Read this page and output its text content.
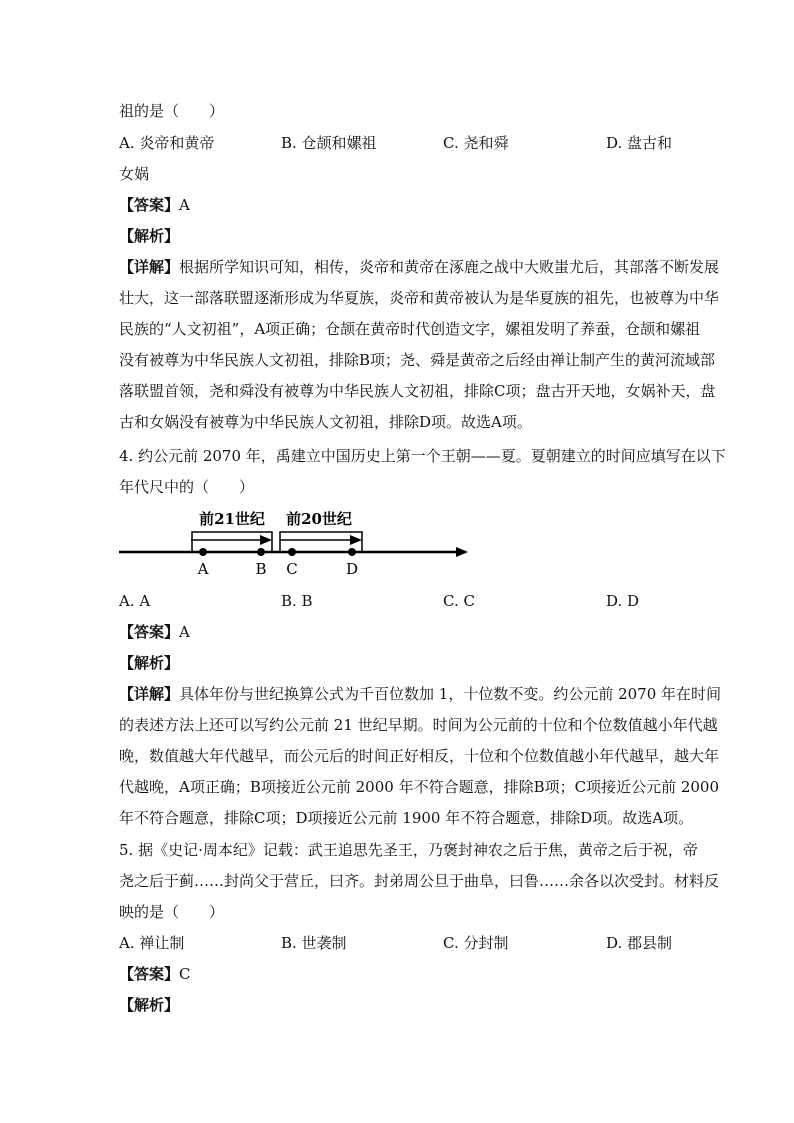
祖的是（　　）
A. 炎帝和黄帝	B. 仓颉和嫘祖	C. 尧和舜	D. 盘古和
女娲
【答案】A
【解析】
【详解】根据所学知识可知，相传，炎帝和黄帝在涿鹿之战中大败蚩尤后，其部落不断发展
壮大，这一部落联盟逐渐形成为华夏族，炎帝和黄帝被认为是华夏族的祖先，也被尊为中华
民族的“人文初祖”，A项正确；仓颉在黄帝时代创造文字，嫘祖发明了养蚕，仓颉和嫘祖
没有被尊为中华民族人文初祖，排除B项；尧、舜是黄帝之后经由禅让制产生的黄河流域部
落联盟首领，尧和舜没有被尊为中华民族人文初祖，排除C项；盘古开天地，女娲补天，盘
古和女娲没有被尊为中华民族人文初祖，排除D项。故选A项。
4. 约公元前 2070 年，禹建立中国历史上第一个王朝——夏。夏朝建立的时间应填写在以下
年代尺中的（　　）
前21世纪 前20世纪
A	B C	D
A. A	B. B	C. C	D. D
【答案】A
【解析】
【详解】具体年份与世纪换算公式为千百位数加 1，十位数不变。约公元前 2070 年在时间
的表述方法上还可以写约公元前 21 世纪早期。时间为公元前的十位和个位数值越小年代越
晚，数值越大年代越早，而公元后的时间正好相反，十位和个位数值越小年代越早，越大年
代越晚，A项正确；B项接近公元前 2000 年不符合题意，排除B项；C项接近公元前 2000
年不符合题意，排除C项；D项接近公元前 1900 年不符合题意，排除D项。故选A项。
5. 据《史记·周本纪》记载：武王追思先圣王，乃褒封神农之后于焦，黄帝之后于祝，帝
尧之后于蓟……封尚父于营丘，曰齐。封弟周公旦于曲阜，曰鲁……余各以次受封。材料反
映的是（　　）
A. 禅让制	B. 世袭制	C. 分封制	D. 郡县制
【答案】C
【解析】
